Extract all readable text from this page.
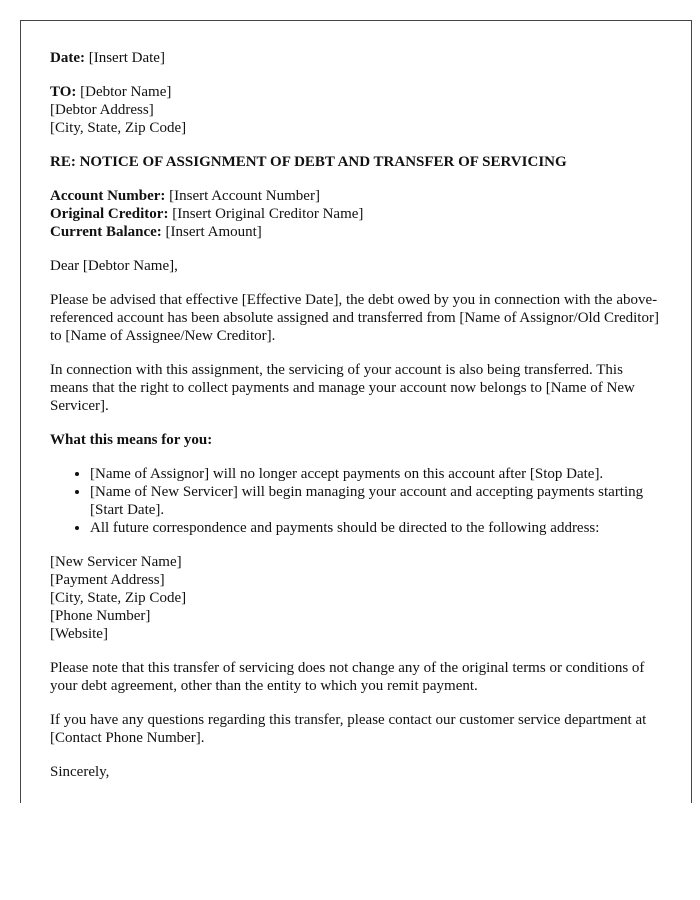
Date: [Insert Date]

TO: [Debtor Name]
[Debtor Address]
[City, State, Zip Code]

RE: NOTICE OF ASSIGNMENT OF DEBT AND TRANSFER OF SERVICING

Account Number: [Insert Account Number]
Original Creditor: [Insert Original Creditor Name]
Current Balance: [Insert Amount]

Dear [Debtor Name],

Please be advised that effective [Effective Date], the debt owed by you in connection with the above-referenced account has been absolute assigned and transferred from [Name of Assignor/Old Creditor] to [Name of Assignee/New Creditor].

In connection with this assignment, the servicing of your account is also being transferred. This means that the right to collect payments and manage your account now belongs to [Name of New Servicer].

What this means for you:

• [Name of Assignor] will no longer accept payments on this account after [Stop Date].
• [Name of New Servicer] will begin managing your account and accepting payments starting [Start Date].
• All future correspondence and payments should be directed to the following address:

[New Servicer Name]
[Payment Address]
[City, State, Zip Code]
[Phone Number]
[Website]

Please note that this transfer of servicing does not change any of the original terms or conditions of your debt agreement, other than the entity to which you remit payment.

If you have any questions regarding this transfer, please contact our customer service department at [Contact Phone Number].

Sincerely,
